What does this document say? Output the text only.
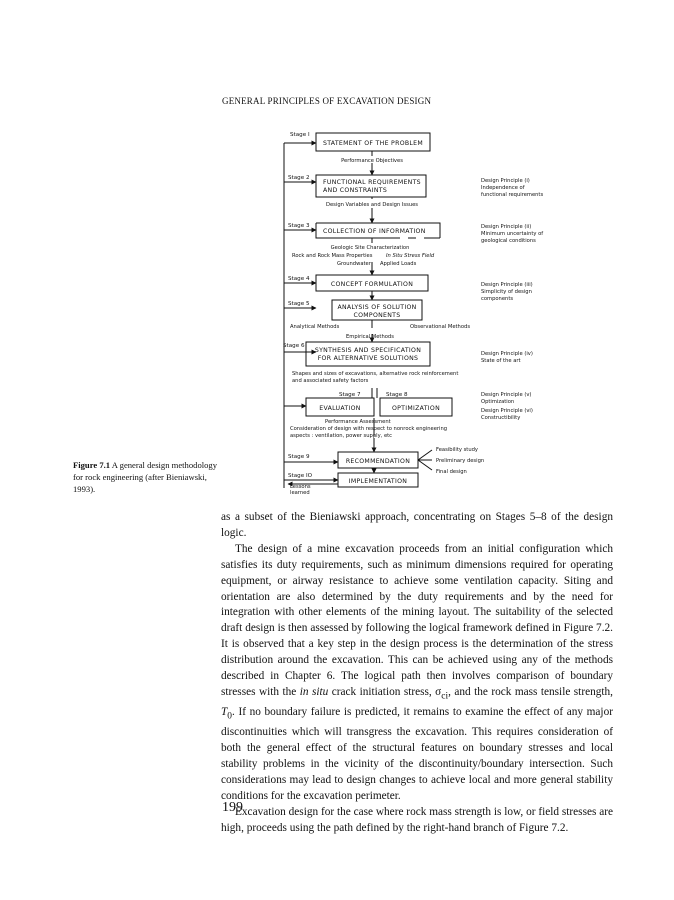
GENERAL PRINCIPLES OF EXCAVATION DESIGN
Stage I
Stage 2
Stage 3
Stage 4
Stage 5
Stage 6
Stage 7	Stage 8
Stage 9
Stage IO
STATEMENT OF THE PROBLEM
FUNCTIONAL REQUIREMENTS
AND CONSTRAINTS
COLLECTION OF INFORMATION
CONCEPT FORMULATION
ANALYSIS OF SOLUTION
COMPONENTS
SYNTHESIS AND SPECIFICATION
FOR ALTERNATIVE SOLUTIONS
EVALUATION	OPTIMIZATION
RECOMMENDATION
IMPLEMENTATION
Performance Objectives
Design Variables and Design Issues
Geologic Site Characterization
Rock and Rock Mass Properties	In Situ Stress Field
Groundwater Applied Loads
Analytical Methods	Observational Methods
Empirical Methods
Shapes and sizes of excavations, alternative rock reinforcement
and associated safety factors
Performance Assessment
Consideration of design with respect to nonrock engineering
aspects : ventilation, power supply, etc
Feasibility study
Preliminary design
Final design
Lessons
learned
Design Principle (i)
Independence of
functional requirements
Design Principle (ii)
Minimum uncertainty of
geological conditions
Design Principle (iii)
Simplicity of design
components
Design Principle (iv)
State of the art
Design Principle (v)
Optimization
Design Principle (vi)
Constructibility
Figure 7.1 A general design methodology for rock engineering (after Bieniawski, 1993).

as a subset of the Bieniawski approach, concentrating on Stages 5–8 of the design logic.

The design of a mine excavation proceeds from an initial configuration which satisfies its duty requirements, such as minimum dimensions required for operating equipment, or airway resistance to achieve some ventilation capacity. Siting and orientation are also determined by the duty requirements and by the need for integration with other elements of the mining layout. The suitability of the selected draft design is then assessed by following the logical framework defined in Figure 7.2. It is observed that a key step in the design process is the determination of the stress distribution around the excavation. This can be achieved using any of the methods described in Chapter 6. The logical path then involves comparison of boundary stresses with the in situ crack initiation stress, $\sigma_{ci}$, and the rock mass tensile strength, $T_0$. If no boundary failure is predicted, it remains to examine the effect of any major discontinuities which will transgress the excavation. This requires consideration of both the general effect of the structural features on boundary stresses and local stability problems in the vicinity of the discontinuity/boundary intersection. Such considerations may lead to design changes to achieve local and more general stability conditions for the excavation perimeter.

Excavation design for the case where rock mass strength is low, or field stresses are high, proceeds using the path defined by the right-hand branch of Figure 7.2.

199
